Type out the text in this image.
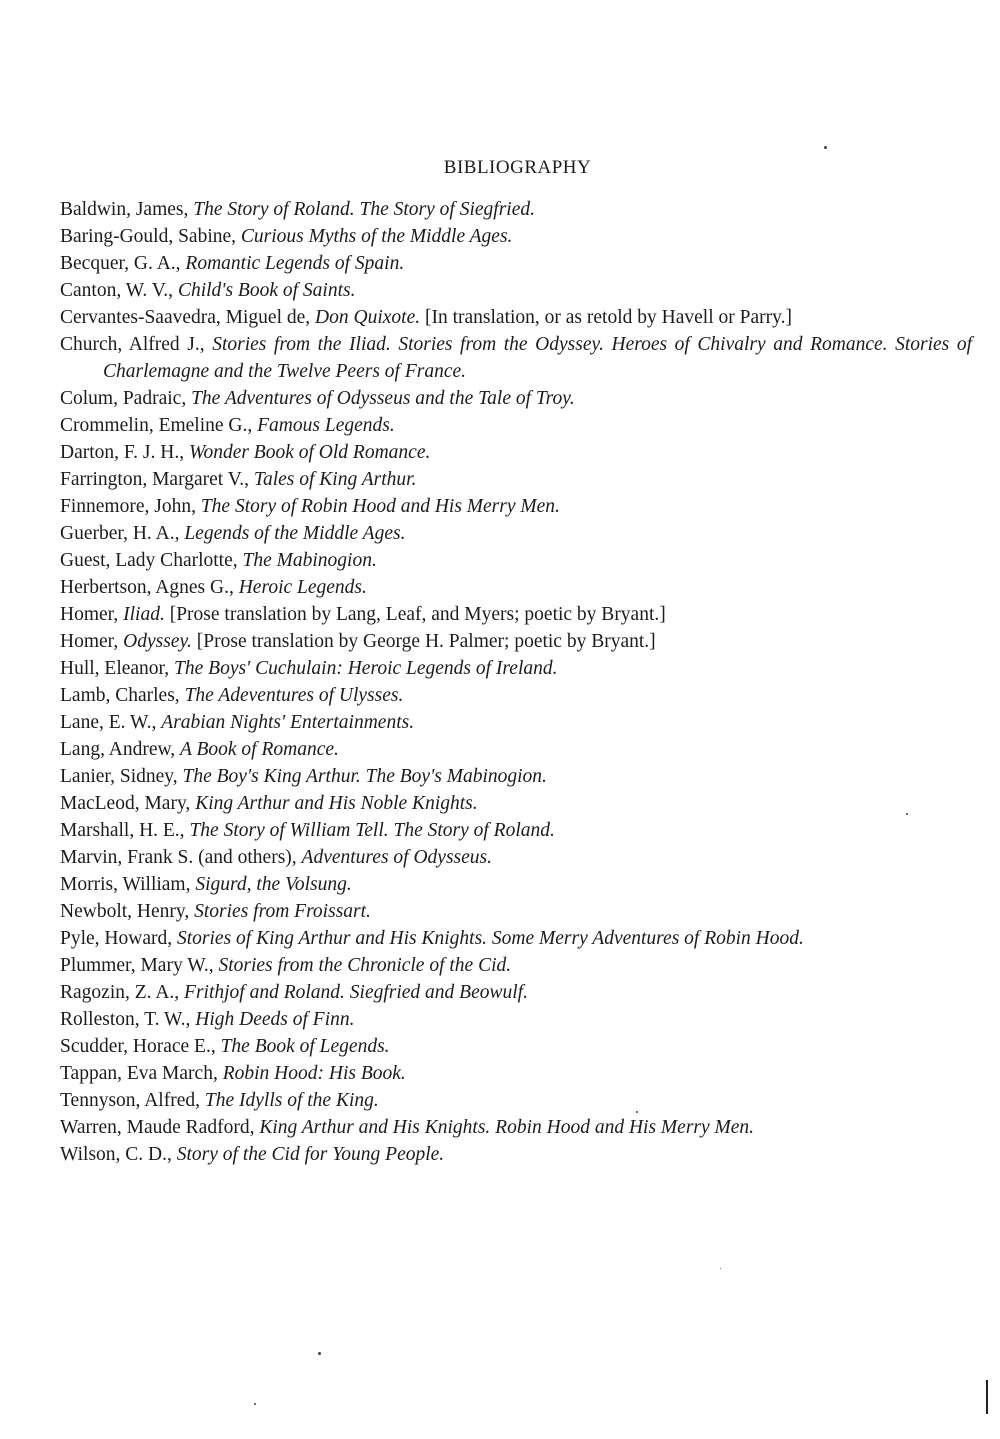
BIBLIOGRAPHY
Baldwin, James, The Story of Roland. The Story of Siegfried.
Baring-Gould, Sabine, Curious Myths of the Middle Ages.
Becquer, G. A., Romantic Legends of Spain.
Canton, W. V., Child's Book of Saints.
Cervantes-Saavedra, Miguel de, Don Quixote. [In translation, or as retold by Havell or Parry.]
Church, Alfred J., Stories from the Iliad. Stories from the Odyssey. Heroes of Chivalry and Romance. Stories of Charlemagne and the Twelve Peers of France.
Colum, Padraic, The Adventures of Odysseus and the Tale of Troy.
Crommelin, Emeline G., Famous Legends.
Darton, F. J. H., Wonder Book of Old Romance.
Farrington, Margaret V., Tales of King Arthur.
Finnemore, John, The Story of Robin Hood and His Merry Men.
Guerber, H. A., Legends of the Middle Ages.
Guest, Lady Charlotte, The Mabinogion.
Herbertson, Agnes G., Heroic Legends.
Homer, Iliad. [Prose translation by Lang, Leaf, and Myers; poetic by Bryant.]
Homer, Odyssey. [Prose translation by George H. Palmer; poetic by Bryant.]
Hull, Eleanor, The Boys' Cuchulain: Heroic Legends of Ireland.
Lamb, Charles, The Adeventures of Ulysses.
Lane, E. W., Arabian Nights' Entertainments.
Lang, Andrew, A Book of Romance.
Lanier, Sidney, The Boy's King Arthur. The Boy's Mabinogion.
MacLeod, Mary, King Arthur and His Noble Knights.
Marshall, H. E., The Story of William Tell. The Story of Roland.
Marvin, Frank S. (and others), Adventures of Odysseus.
Morris, William, Sigurd, the Volsung.
Newbolt, Henry, Stories from Froissart.
Pyle, Howard, Stories of King Arthur and His Knights. Some Merry Adventures of Robin Hood.
Plummer, Mary W., Stories from the Chronicle of the Cid.
Ragozin, Z. A., Frithjof and Roland. Siegfried and Beowulf.
Rolleston, T. W., High Deeds of Finn.
Scudder, Horace E., The Book of Legends.
Tappan, Eva March, Robin Hood: His Book.
Tennyson, Alfred, The Idylls of the King.
Warren, Maude Radford, King Arthur and His Knights. Robin Hood and His Merry Men.
Wilson, C. D., Story of the Cid for Young People.
